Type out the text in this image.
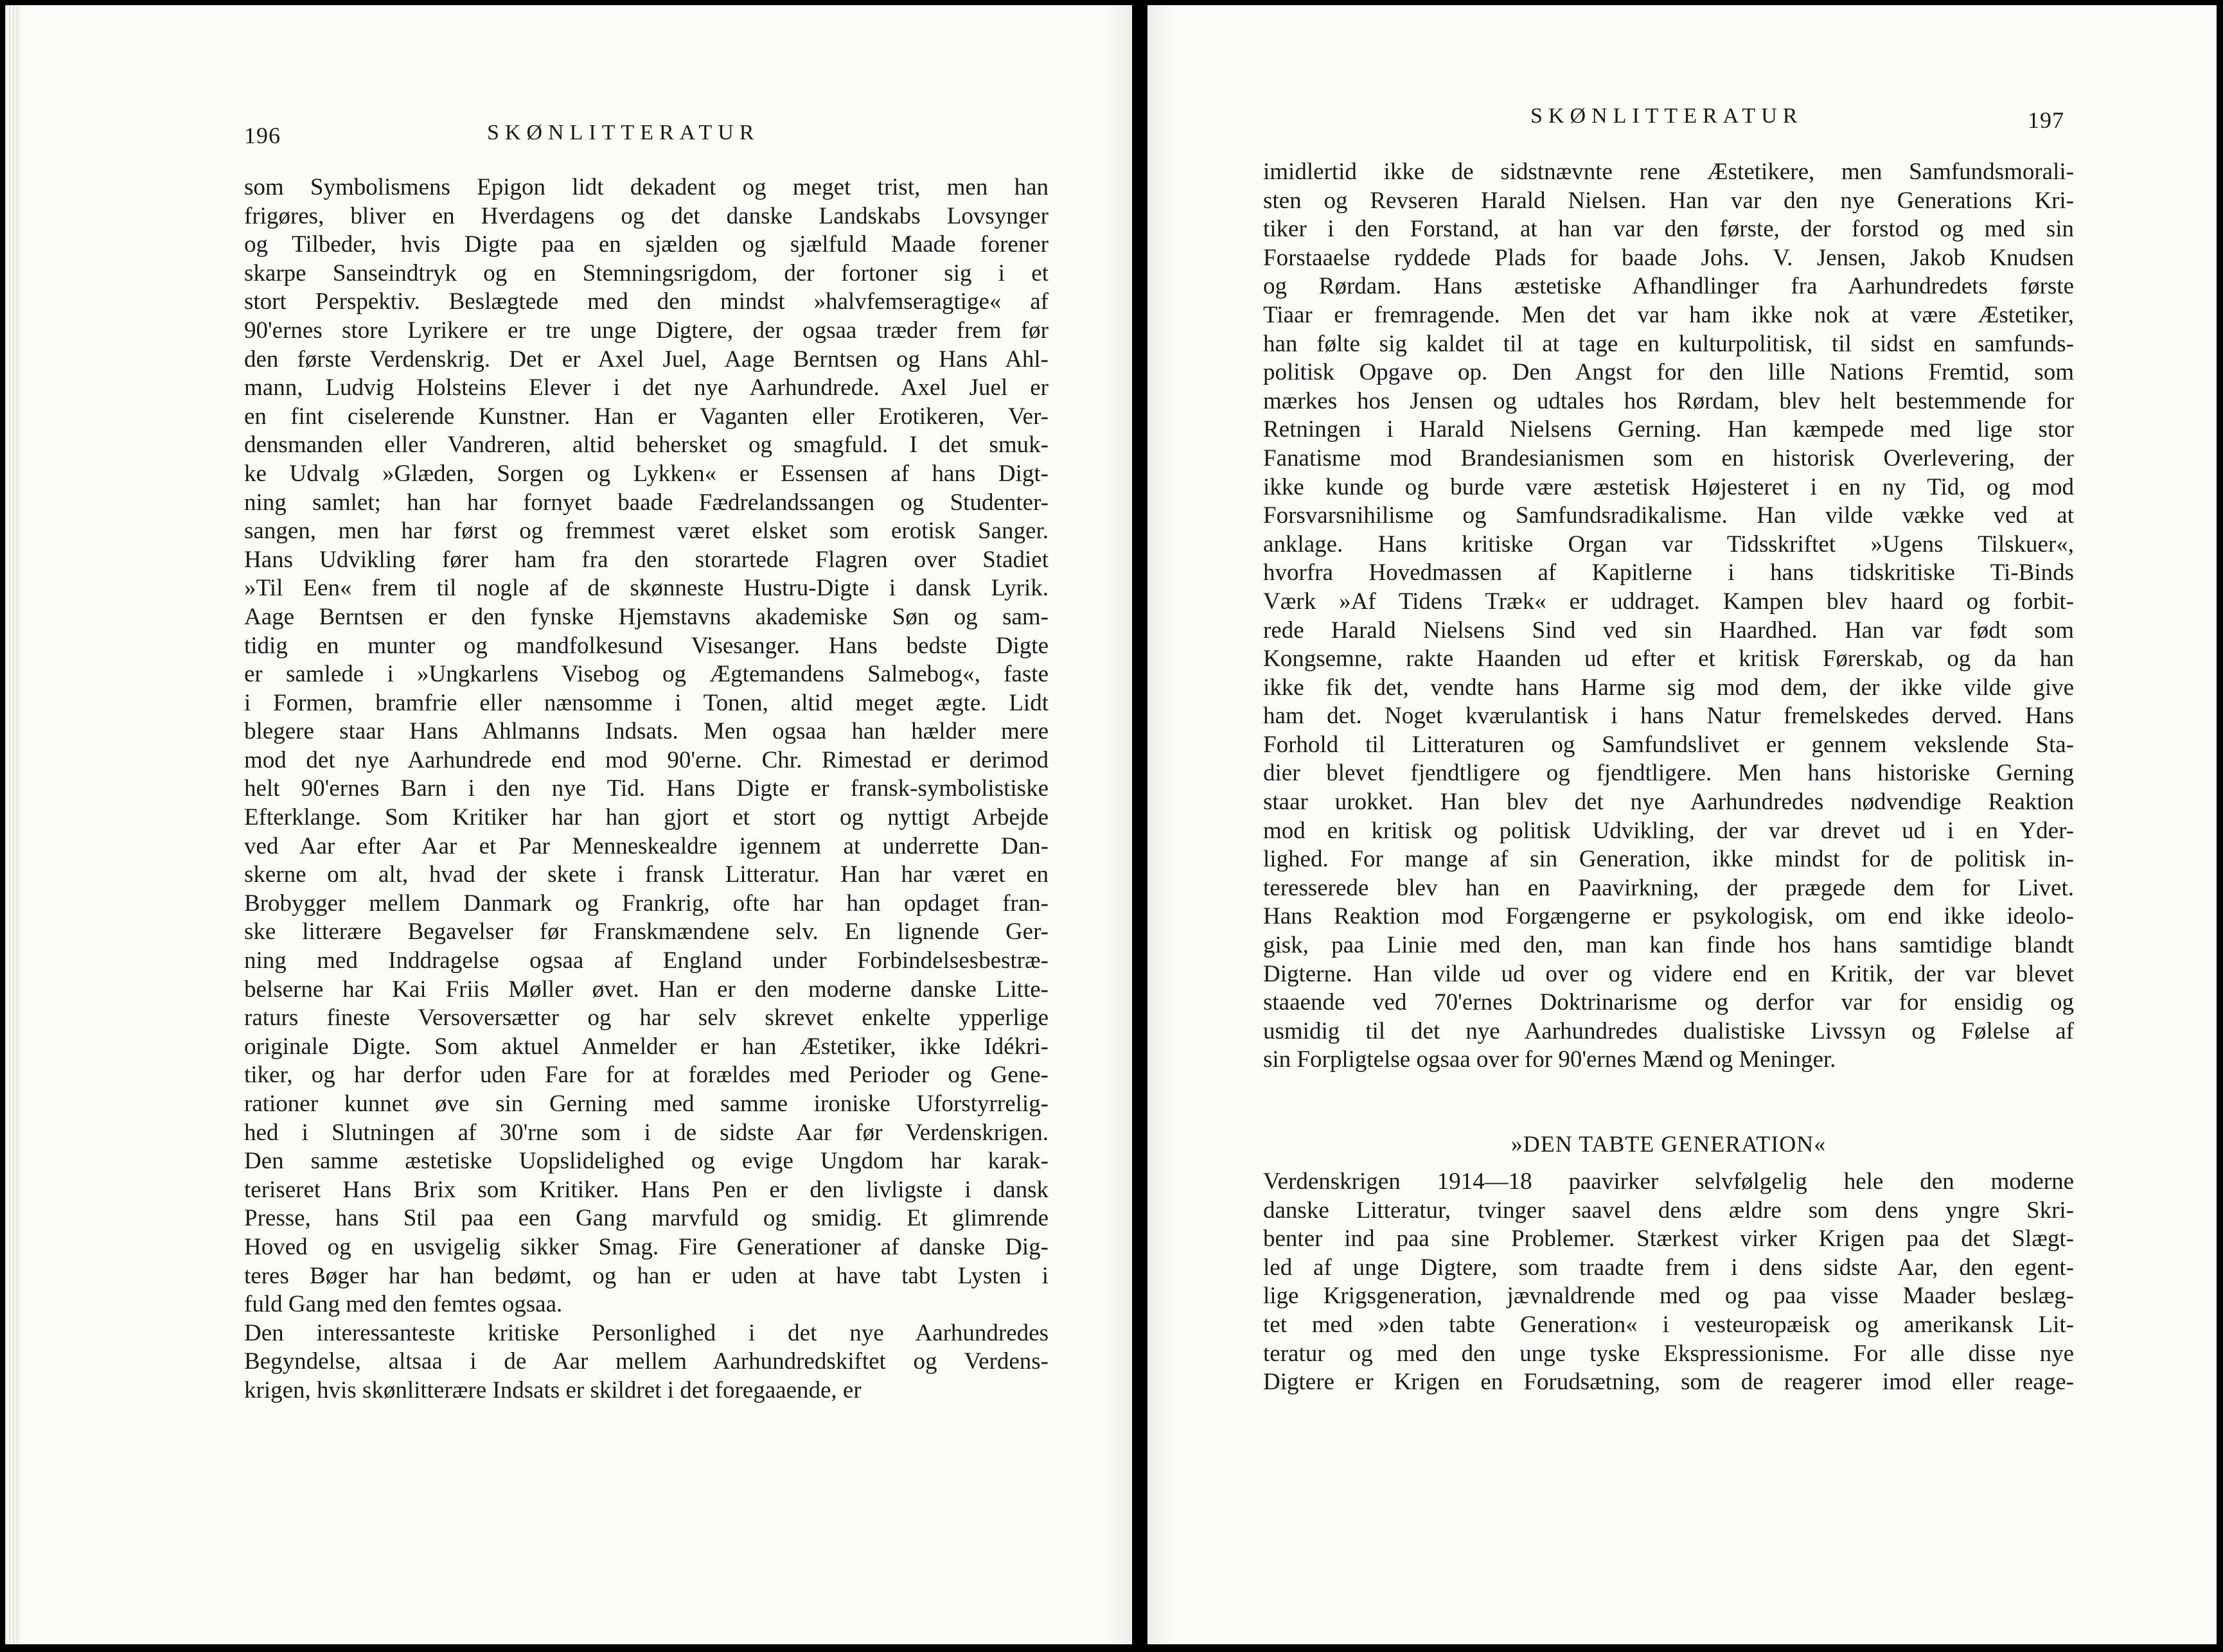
196	SKØNLITTERATUR
som Symbolismens Epigon lidt dekadent og meget trist, men han
frigøres, bliver en Hverdagens og det danske Landskabs Lovsynger
og Tilbeder, hvis Digte paa en sjælden og sjælfuld Maade forener
skarpe Sanseindtryk og en Stemningsrigdom, der fortoner sig i et
stort Perspektiv. Beslægtede med den mindst »halvfemseragtige« af
90'ernes store Lyrikere er tre unge Digtere, der ogsaa træder frem før
den første Verdenskrig. Det er Axel Juel, Aage Berntsen og Hans Ahl-
mann, Ludvig Holsteins Elever i det nye Aarhundrede. Axel Juel er
en fint ciselerende Kunstner. Han er Vaganten eller Erotikeren, Ver-
densmanden eller Vandreren, altid behersket og smagfuld. I det smuk-
ke Udvalg »Glæden, Sorgen og Lykken« er Essensen af hans Digt-
ning samlet; han har fornyet baade Fædrelandssangen og Studenter-
sangen, men har først og fremmest været elsket som erotisk Sanger.
Hans Udvikling fører ham fra den storartede Flagren over Stadiet
»Til Een« frem til nogle af de skønneste Hustru-Digte i dansk Lyrik.
Aage Berntsen er den fynske Hjemstavns akademiske Søn og sam-
tidig en munter og mandfolkesund Visesanger. Hans bedste Digte
er samlede i »Ungkarlens Visebog og Ægtemandens Salmebog«, faste
i Formen, bramfrie eller nænsomme i Tonen, altid meget ægte. Lidt
blegere staar Hans Ahlmanns Indsats. Men ogsaa han hælder mere
mod det nye Aarhundrede end mod 90'erne. Chr. Rimestad er derimod
helt 90'ernes Barn i den nye Tid. Hans Digte er fransk-symbolistiske
Efterklange. Som Kritiker har han gjort et stort og nyttigt Arbejde
ved Aar efter Aar et Par Menneskealdre igennem at underrette Dan-
skerne om alt, hvad der skete i fransk Litteratur. Han har været en
Brobygger mellem Danmark og Frankrig, ofte har han opdaget fran-
ske litterære Begavelser før Franskmændene selv. En lignende Ger-
ning med Inddragelse ogsaa af England under Forbindelsesbestræ-
belserne har Kai Friis Møller øvet. Han er den moderne danske Litte-
raturs fineste Versoversætter og har selv skrevet enkelte ypperlige
originale Digte. Som aktuel Anmelder er han Æstetiker, ikke Idékri-
tiker, og har derfor uden Fare for at forældes med Perioder og Gene-
rationer kunnet øve sin Gerning med samme ironiske Uforstyrrelig-
hed i Slutningen af 30'rne som i de sidste Aar før Verdenskrigen.
Den samme æstetiske Uopslidelighed og evige Ungdom har karak-
teriseret Hans Brix som Kritiker. Hans Pen er den livligste i dansk
Presse, hans Stil paa een Gang marvfuld og smidig. Et glimrende
Hoved og en usvigelig sikker Smag. Fire Generationer af danske Dig-
teres Bøger har han bedømt, og han er uden at have tabt Lysten i
fuld Gang med den femtes ogsaa.
Den interessanteste kritiske Personlighed i det nye Aarhundredes
Begyndelse, altsaa i de Aar mellem Aarhundredskiftet og Verdens-
krigen, hvis skønlitterære Indsats er skildret i det foregaaende, er
SKØNLITTERATUR	197
imidlertid ikke de sidstnævnte rene Æstetikere, men Samfundsmorali-
sten og Revseren Harald Nielsen. Han var den nye Generations Kri-
tiker i den Forstand, at han var den første, der forstod og med sin
Forstaaelse ryddede Plads for baade Johs. V. Jensen, Jakob Knudsen
og Rørdam. Hans æstetiske Afhandlinger fra Aarhundredets første
Tiaar er fremragende. Men det var ham ikke nok at være Æstetiker,
han følte sig kaldet til at tage en kulturpolitisk, til sidst en samfunds-
politisk Opgave op. Den Angst for den lille Nations Fremtid, som
mærkes hos Jensen og udtales hos Rørdam, blev helt bestemmende for
Retningen i Harald Nielsens Gerning. Han kæmpede med lige stor
Fanatisme mod Brandesianismen som en historisk Overlevering, der
ikke kunde og burde være æstetisk Højesteret i en ny Tid, og mod
Forsvarsnihilisme og Samfundsradikalisme. Han vilde vække ved at
anklage. Hans kritiske Organ var Tidsskriftet »Ugens Tilskuer«,
hvorfra Hovedmassen af Kapitlerne i hans tidskritiske Ti-Binds
Værk »Af Tidens Træk« er uddraget. Kampen blev haard og forbit-
rede Harald Nielsens Sind ved sin Haardhed. Han var født som
Kongsemne, rakte Haanden ud efter et kritisk Førerskab, og da han
ikke fik det, vendte hans Harme sig mod dem, der ikke vilde give
ham det. Noget kværulantisk i hans Natur fremelskedes derved. Hans
Forhold til Litteraturen og Samfundslivet er gennem vekslende Sta-
dier blevet fjendtligere og fjendtligere. Men hans historiske Gerning
staar urokket. Han blev det nye Aarhundredes nødvendige Reaktion
mod en kritisk og politisk Udvikling, der var drevet ud i en Yder-
lighed. For mange af sin Generation, ikke mindst for de politisk in-
teresserede blev han en Paavirkning, der prægede dem for Livet.
Hans Reaktion mod Forgængerne er psykologisk, om end ikke ideolo-
gisk, paa Linie med den, man kan finde hos hans samtidige blandt
Digterne. Han vilde ud over og videre end en Kritik, der var blevet
staaende ved 70'ernes Doktrinarisme og derfor var for ensidig og
usmidig til det nye Aarhundredes dualistiske Livssyn og Følelse af
sin Forpligtelse ogsaa over for 90'ernes Mænd og Meninger.
»DEN TABTE GENERATION«
Verdenskrigen 1914—18 paavirker selvfølgelig hele den moderne
danske Litteratur, tvinger saavel dens ældre som dens yngre Skri-
benter ind paa sine Problemer. Stærkest virker Krigen paa det Slægt-
led af unge Digtere, som traadte frem i dens sidste Aar, den egent-
lige Krigsgeneration, jævnaldrende med og paa visse Maader beslæg-
tet med »den tabte Generation« i vesteuropæisk og amerikansk Lit-
teratur og med den unge tyske Ekspressionisme. For alle disse nye
Digtere er Krigen en Forudsætning, som de reagerer imod eller reage-
